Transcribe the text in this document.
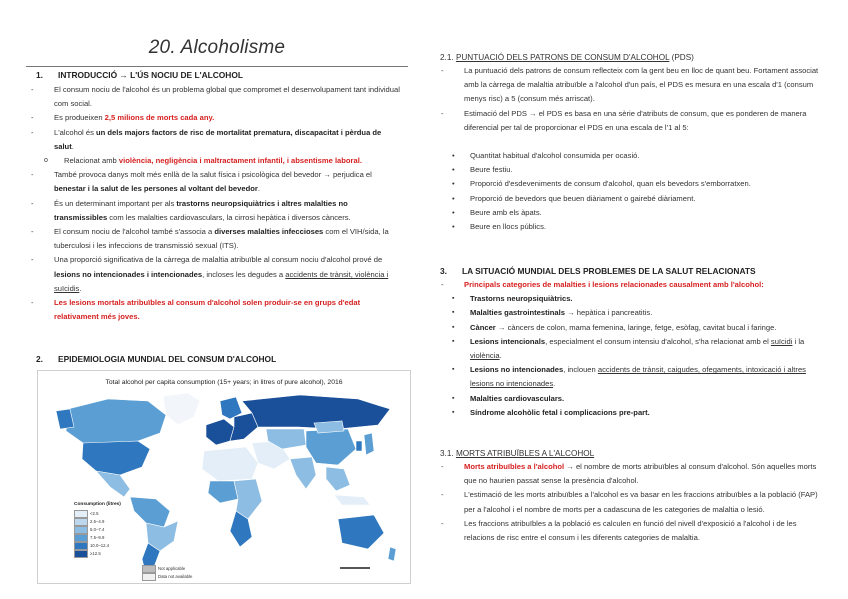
20. Alcoholisme
1. INTRODUCCIÓ → L'ÚS NOCIU DE L'ALCOHOL
- El consum nociu de l'alcohol és un problema global que compromet el desenvolupament tant individual com social.
- Es produeixen 2,5 milions de morts cada any.
- L'alcohol és un dels majors factors de risc de mortalitat prematura, discapacitat i pèrdua de salut.
o Relacionat amb violència, negligència i maltractament infantil, i absentisme laboral.
- També provoca danys molt més enllà de la salut física i psicològica del bevedor → perjudica el benestar i la salut de les persones al voltant del bevedor.
- És un determinant important per als trastorns neuropsiquiàtrics i altres malalties no transmissibles com les malalties cardiovasculars, la cirrosi hepàtica i diversos càncers.
- El consum nociu de l'alcohol també s'associa a diverses malalties infeccioses com el VIH/sida, la tuberculosi i les infeccions de transmissió sexual (ITS).
- Una proporció significativa de la càrrega de malaltia atribuïble al consum nociu d'alcohol prové de lesions no intencionades i intencionades, incloses les degudes a accidents de trànsit, violència i suïcidis.
- Les lesions mortals atribuïbles al consum d'alcohol solen produir-se en grups d'edat relativament més joves.
2. EPIDEMIOLOGIA MUNDIAL DEL CONSUM D'ALCOHOL
Total alcohol per capita consumption (15+ years; in litres of pure alcohol), 2016
Consumption (litres)
<2.5
2.5–4.9
5.0–7.4
7.5–9.9
10.0–12.4
≥12.5
Not applicable
Data not available
2.1. PUNTUACIÓ DELS PATRONS DE CONSUM D'ALCOHOL (PDS)
- La puntuació dels patrons de consum reflecteix com la gent beu en lloc de quant beu. Fortament associat amb la càrrega de malaltia atribuïble a l'alcohol d'un país, el PDS es mesura en una escala d'1 (consum menys risc) a 5 (consum més arriscat).
- Estimació del PDS → el PDS es basa en una sèrie d'atributs de consum, que es ponderen de manera diferencial per tal de proporcionar el PDS en una escala de l'1 al 5:
• Quantitat habitual d'alcohol consumida per ocasió.
• Beure festiu.
• Proporció d'esdeveniments de consum d'alcohol, quan els bevedors s'emborratxen.
• Proporció de bevedors que beuen diàriament o gairebé diàriament.
• Beure amb els àpats.
• Beure en llocs públics.
3. LA SITUACIÓ MUNDIAL DELS PROBLEMES DE LA SALUT RELACIONATS
- Principals categories de malalties i lesions relacionades causalment amb l'alcohol:
▪ Trastorns neuropsiquiàtrics.
▪ Malalties gastrointestinals → hepàtica i pancreatitis.
▪ Càncer → càncers de colon, mama femenina, laringe, fetge, esòfag, cavitat bucal i faringe.
▪ Lesions intencionals, especialment el consum intensiu d'alcohol, s'ha relacionat amb el suïcidi i la violència.
▪ Lesions no intencionades, inclouen accidents de trànsit, caigudes, ofegaments, intoxicació i altres lesions no intencionades.
▪ Malalties cardiovasculars.
▪ Síndrome alcohòlic fetal i complicacions pre-part.
3.1. MORTS ATRIBUÏBLES A L'ALCOHOL
- Morts atribuïbles a l'alcohol → el nombre de morts atribuïbles al consum d'alcohol. Són aquelles morts que no haurien passat sense la presència d'alcohol.
- L'estimació de les morts atribuïbles a l'alcohol es va basar en les fraccions atribuïbles a la població (FAP) per a l'alcohol i el nombre de morts per a cadascuna de les categories de malaltia o lesió.
- Les fraccions atribuïbles a la població es calculen en funció del nivell d'exposició a l'alcohol i de les relacions de risc entre el consum i les diferents categories de malaltia.
